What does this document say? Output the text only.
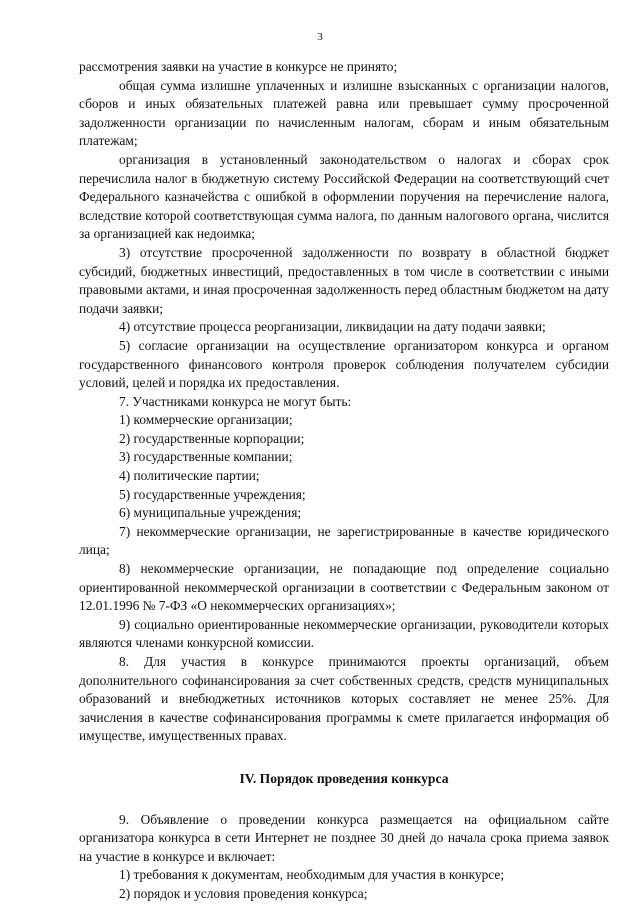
3

рассмотрения заявки на участие в конкурсе не принято;

общая сумма излишне уплаченных и излишне взысканных с организации налогов, сборов и иных обязательных платежей равна или превышает сумму просроченной задолженности организации по начисленным налогам, сборам и иным обязательным платежам;

организация в установленный законодательством о налогах и сборах срок перечислила налог в бюджетную систему Российской Федерации на соответствующий счет Федерального казначейства с ошибкой в оформлении поручения на перечисление налога, вследствие которой соответствующая сумма налога, по данным налогового органа, числится за организацией как недоимка;

3) отсутствие просроченной задолженности по возврату в областной бюджет субсидий, бюджетных инвестиций, предоставленных в том числе в соответствии с иными правовыми актами, и иная просроченная задолженность перед областным бюджетом на дату подачи заявки;

4) отсутствие процесса реорганизации, ликвидации на дату подачи заявки;

5) согласие организации на осуществление организатором конкурса и органом государственного финансового контроля проверок соблюдения получателем субсидии условий, целей и порядка их предоставления.

7. Участниками конкурса не могут быть:

1) коммерческие организации;

2) государственные корпорации;

3) государственные компании;

4) политические партии;

5) государственные учреждения;

6) муниципальные учреждения;

7) некоммерческие организации, не зарегистрированные в качестве юридического лица;

8) некоммерческие организации, не попадающие под определение социально ориентированной некоммерческой организации в соответствии с Федеральным законом от 12.01.1996 № 7-ФЗ «О некоммерческих организациях»;

9) социально ориентированные некоммерческие организации, руководители которых являются членами конкурсной комиссии.

8. Для участия в конкурсе принимаются проекты организаций, объем дополнительного софинансирования за счет собственных средств, средств муниципальных образований и внебюджетных источников которых составляет не менее 25%. Для зачисления в качестве софинансирования программы к смете прилагается информация об имуществе, имущественных правах.

IV. Порядок проведения конкурса

9. Объявление о проведении конкурса размещается на официальном сайте организатора конкурса в сети Интернет не позднее 30 дней до начала срока приема заявок на участие в конкурсе и включает:

1) требования к документам, необходимым для участия в конкурсе;

2) порядок и условия проведения конкурса;
